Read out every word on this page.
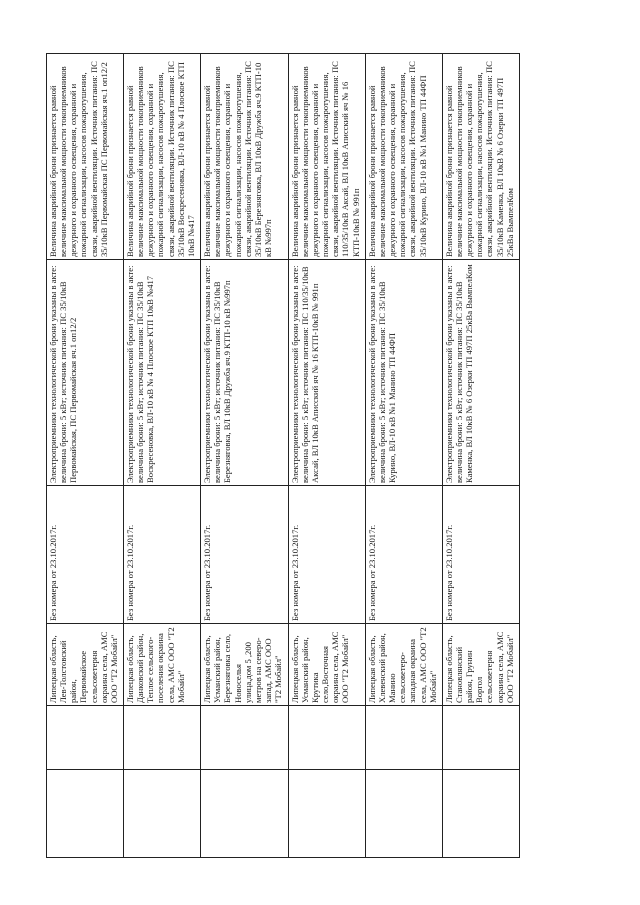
		Липецкая область, Лев-Толстовский район, Первомайское сельсоветерня окраина села, АМС ООО "Т2 Мобайл"	Без номера от 23.10.2017г.	Электроприемники технологической брони указаны в акте: величина брони: 5 кВт; источник питания: ПС 35/10кВ Первомайская, ПС Первомайская яч.1 оп12/2	Величина аварийной брони признается равной величине максимальной мощности токоприемников дежурного и охранного освещения, охранной и пожарной сигнализации, насосов пожаротушения, связи, аварийной вентиляции. Источник питания: ПС 35/10кВ Первомайская ПС Первомайская яч.1 оп12/2
		Липецкая область, Данковский район, Теплое сельского-поселения окраина села, АМС ООО "Т2 Мобайл"	Без номера от 23.10.2017г.	Электроприемники технологической брони указаны в акте: величина брони: 5 кВт; источник питания: ПС 35/10кВ Воскресеновка, ВЛ-10 кВ № 4 Плоское КТП 10кВ №417	Величина аварийной брони признается равной величине максимальной мощности токоприемников дежурного и охранного освещения, охранной и пожарной сигнализации, насосов пожаротушения, связи, аварийной вентиляции. Источник питания: ПС 35/10кВ Воскресеновка, ВЛ-10 кВ № 4 Плоское КТП 10кВ №417
		Липецкая область, Усманский район, Березняговка село, Новоселья улица,дом 5 ,200 метров на северо-запад, АМС ООО "Т2 Мобайл"	Без номера от 23.10.2017г.	Электроприемники технологической брони указаны в акте: величина брони: 5 кВт; источник питания: ПС 35/10кВ Березняговка, ВЛ 10кВ Дружба яч.9 КТП-10 кВ №997п	Величина аварийной брони признается равной величине максимальной мощности токоприемников дежурного и охранного освещения, охранной и пожарной сигнализации, насосов пожаротушения, связи, аварийной вентиляции. Источник питания: ПС 35/10кВ Березняговка, ВЛ 10кВ Дружба яч.9 КТП-10 кВ №997п
		Липецкая область, Усманский район, Крутика село,Восточная окраина села, АМС ООО "Т2 Мобайл"	Без номера от 23.10.2017г.	Электроприемники технологической брони указаны в акте: величина брони: 5 кВт; источник питания: ПС 110/35/10кВ Аксай, ВЛ 10кВ Аписский яч № 16 КТП-10кВ № 991п	Величина аварийной брони признается равной величине максимальной мощности токоприемников дежурного и охранного освещения, охранной и пожарной сигнализации, насосов пожаротушения, связи, аварийной вентиляции. Источник питания: ПС 110/35/10кВ Аксай, ВЛ 10кВ Аписский яч № 16 КТП-10кВ № 991п
		Липецкая область, Хлевенский район, Манино сельсоветеро-западная окраина села, АМС ООО "Т2 Мобайл"	Без номера от 23.10.2017г.	Электроприемники технологической брони указаны в акте: величина брони: 5 кВт; источник питания: ПС 35/10кВ Курино, ВЛ-10 кВ №1 Манино ТП 44ФП	Величина аварийной брони признается равной величине максимальной мощности токоприемников дежурного и охранного освещения, охранной и пожарной сигнализации, насосов пожаротушения, связи, аварийной вентиляции. Источник питания: ПС 35/10кВ Курино, ВЛ-10 кВ №1 Манино ТП 44ФП
		Липецкая область, Становлянский район, Грунин Воргол сельсоветерня окраина села, АМС ООО "Т2 Мобайл"	Без номера от 23.10.2017г.	Электроприемники технологической брони указаны в акте: величина брони: 5 кВт; источник питания: ПС 35/10кВ Каменка, ВЛ 10кВ № 6 Озерки ТП 497П 25кВа ВымпелКом	Величина аварийной брони признается равной величине максимальной мощности токоприемников дежурного и охранного освещения, охранной и пожарной сигнализации, насосов пожаротушения, связи, аварийной вентиляции. Источник питания: ПС 35/10кВ Каменка, ВЛ 10кВ № 6 Озерки ТП 497П 25кВа ВымпелКом
